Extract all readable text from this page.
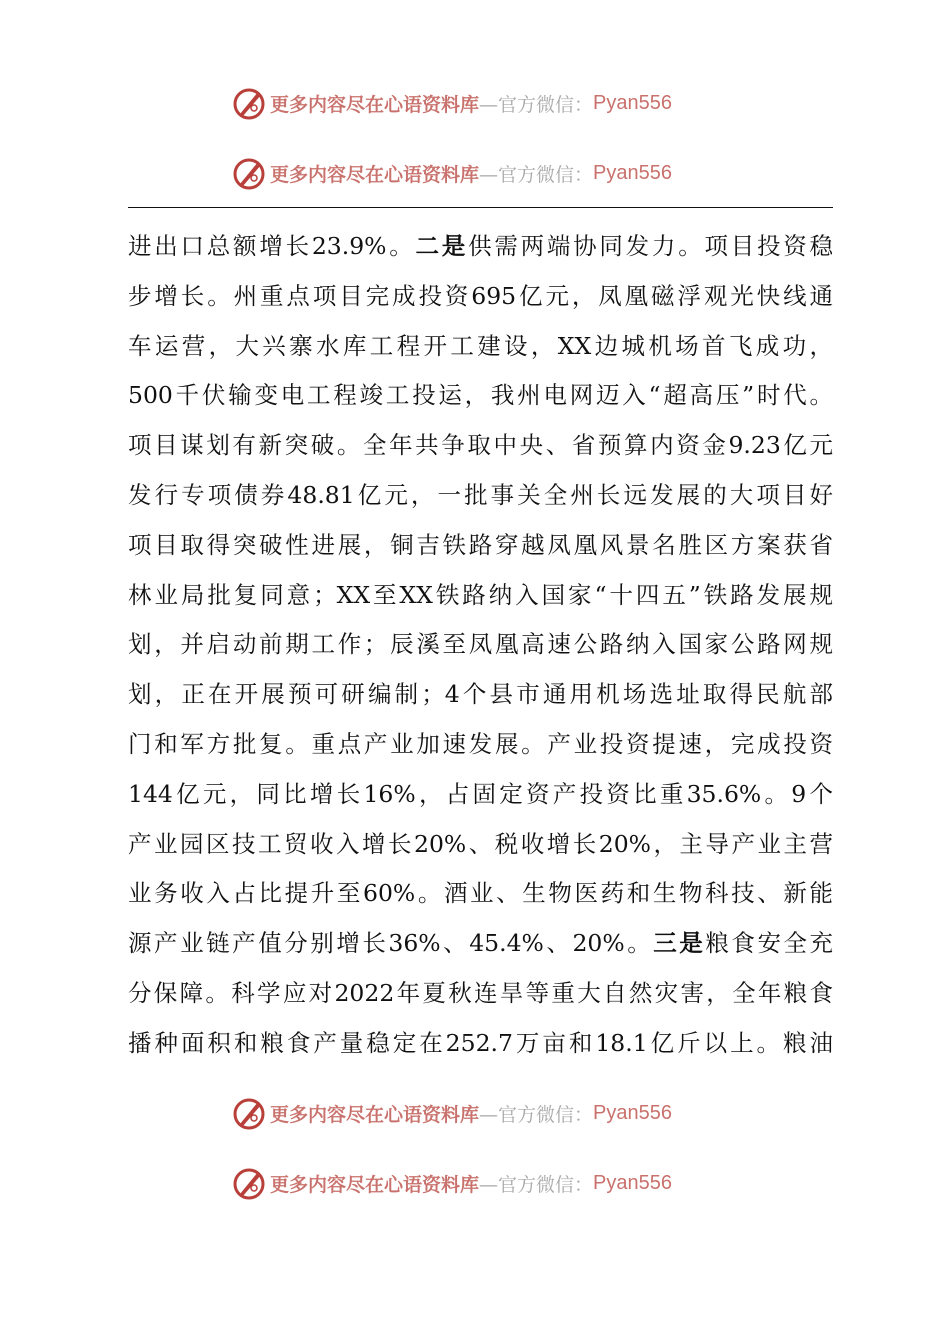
更多内容尽在心语资料库 —官方微信： Pyan556
更多内容尽在心语资料库 —官方微信： Pyan556
进出口总额增长23.9%。二是供需两端协同发力。项目投资稳
步增长。州重点项目完成投资695亿元，凤凰磁浮观光快线通
车运营，大兴寨水库工程开工建设，XX边城机场首飞成功，
500千伏输变电工程竣工投运，我州电网迈入“超高压”时代。
项目谋划有新突破。全年共争取中央、省预算内资金9.23亿元
发行专项债券48.81亿元，一批事关全州长远发展的大项目好
项目取得突破性进展，铜吉铁路穿越凤凰风景名胜区方案获省
林业局批复同意；XX至XX铁路纳入国家“十四五”铁路发展规
划，并启动前期工作；辰溪至凤凰高速公路纳入国家公路网规
划，正在开展预可研编制；4个县市通用机场选址取得民航部
门和军方批复。重点产业加速发展。产业投资提速，完成投资
144亿元，同比增长16%，占固定资产投资比重35.6%。9个
产业园区技工贸收入增长20%、税收增长20%，主导产业主营
业务收入占比提升至60%。酒业、生物医药和生物科技、新能
源产业链产值分别增长36%、45.4%、20%。三是粮食安全充
分保障。科学应对2022年夏秋连旱等重大自然灾害，全年粮食
播种面积和粮食产量稳定在252.7万亩和18.1亿斤以上。粮油
更多内容尽在心语资料库 —官方微信： Pyan556
更多内容尽在心语资料库 —官方微信： Pyan556
